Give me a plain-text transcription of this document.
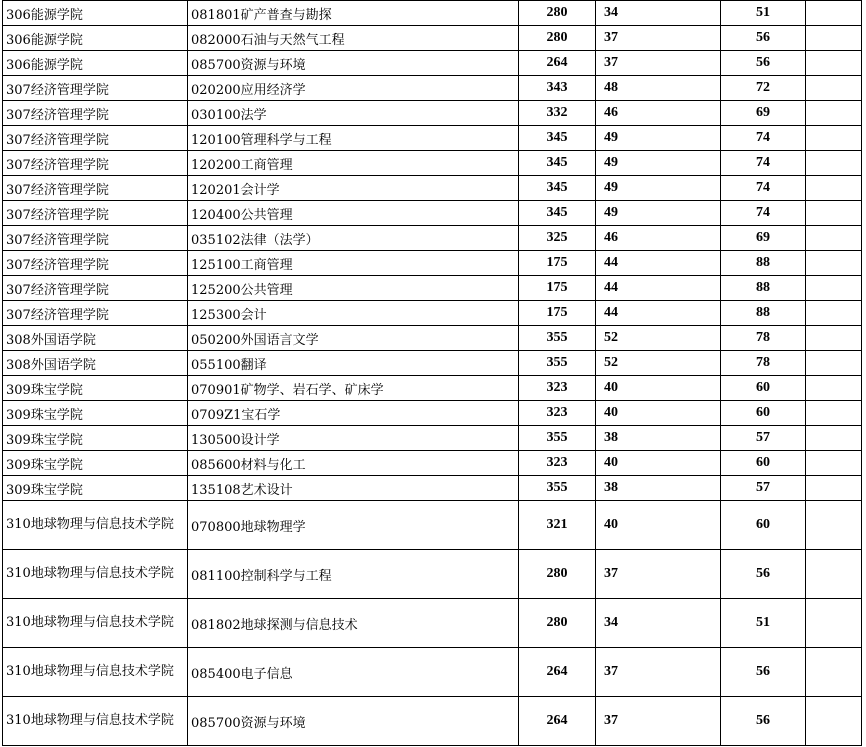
306能源学院	081801矿产普查与勘探	280	34	51	
306能源学院	082000石油与天然气工程	280	37	56	
306能源学院	085700资源与环境	264	37	56	
307经济管理学院	020200应用经济学	343	48	72	
307经济管理学院	030100法学	332	46	69	
307经济管理学院	120100管理科学与工程	345	49	74	
307经济管理学院	120200工商管理	345	49	74	
307经济管理学院	120201会计学	345	49	74	
307经济管理学院	120400公共管理	345	49	74	
307经济管理学院	035102法律（法学）	325	46	69	
307经济管理学院	125100工商管理	175	44	88	
307经济管理学院	125200公共管理	175	44	88	
307经济管理学院	125300会计	175	44	88	
308外国语学院	050200外国语言文学	355	52	78	
308外国语学院	055100翻译	355	52	78	
309珠宝学院	070901矿物学、岩石学、矿床学	323	40	60	
309珠宝学院	0709Z1宝石学	323	40	60	
309珠宝学院	130500设计学	355	38	57	
309珠宝学院	085600材料与化工	323	40	60	
309珠宝学院	135108艺术设计	355	38	57	
310地球物理与信息技术学院	070800地球物理学	321	40	60	
310地球物理与信息技术学院	081100控制科学与工程	280	37	56	
310地球物理与信息技术学院	081802地球探测与信息技术	280	34	51	
310地球物理与信息技术学院	085400电子信息	264	37	56	
310地球物理与信息技术学院	085700资源与环境	264	37	56	
